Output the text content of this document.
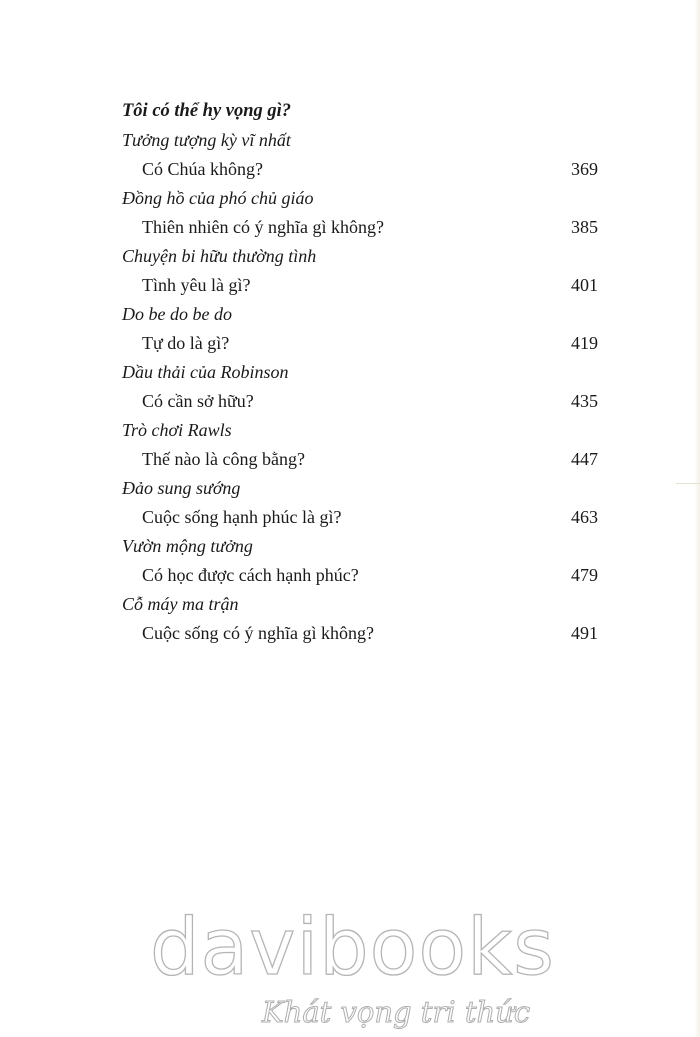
Tôi có thể hy vọng gì?
Tưởng tượng kỳ vĩ nhất
Có Chúa không?	369
Đồng hồ của phó chủ giáo
Thiên nhiên có ý nghĩa gì không?	385
Chuyện bi hữu thường tình
Tình yêu là gì?	401
Do be do be do
Tự do là gì?	419
Dầu thải của Robinson
Có cần sở hữu?	435
Trò chơi Rawls
Thế nào là công bằng?	447
Đảo sung sướng
Cuộc sống hạnh phúc là gì?	463
Vườn mộng tưởng
Có học được cách hạnh phúc?	479
Cỗ máy ma trận
Cuộc sống có ý nghĩa gì không?	491
davibooks
Khát vọng tri thức
